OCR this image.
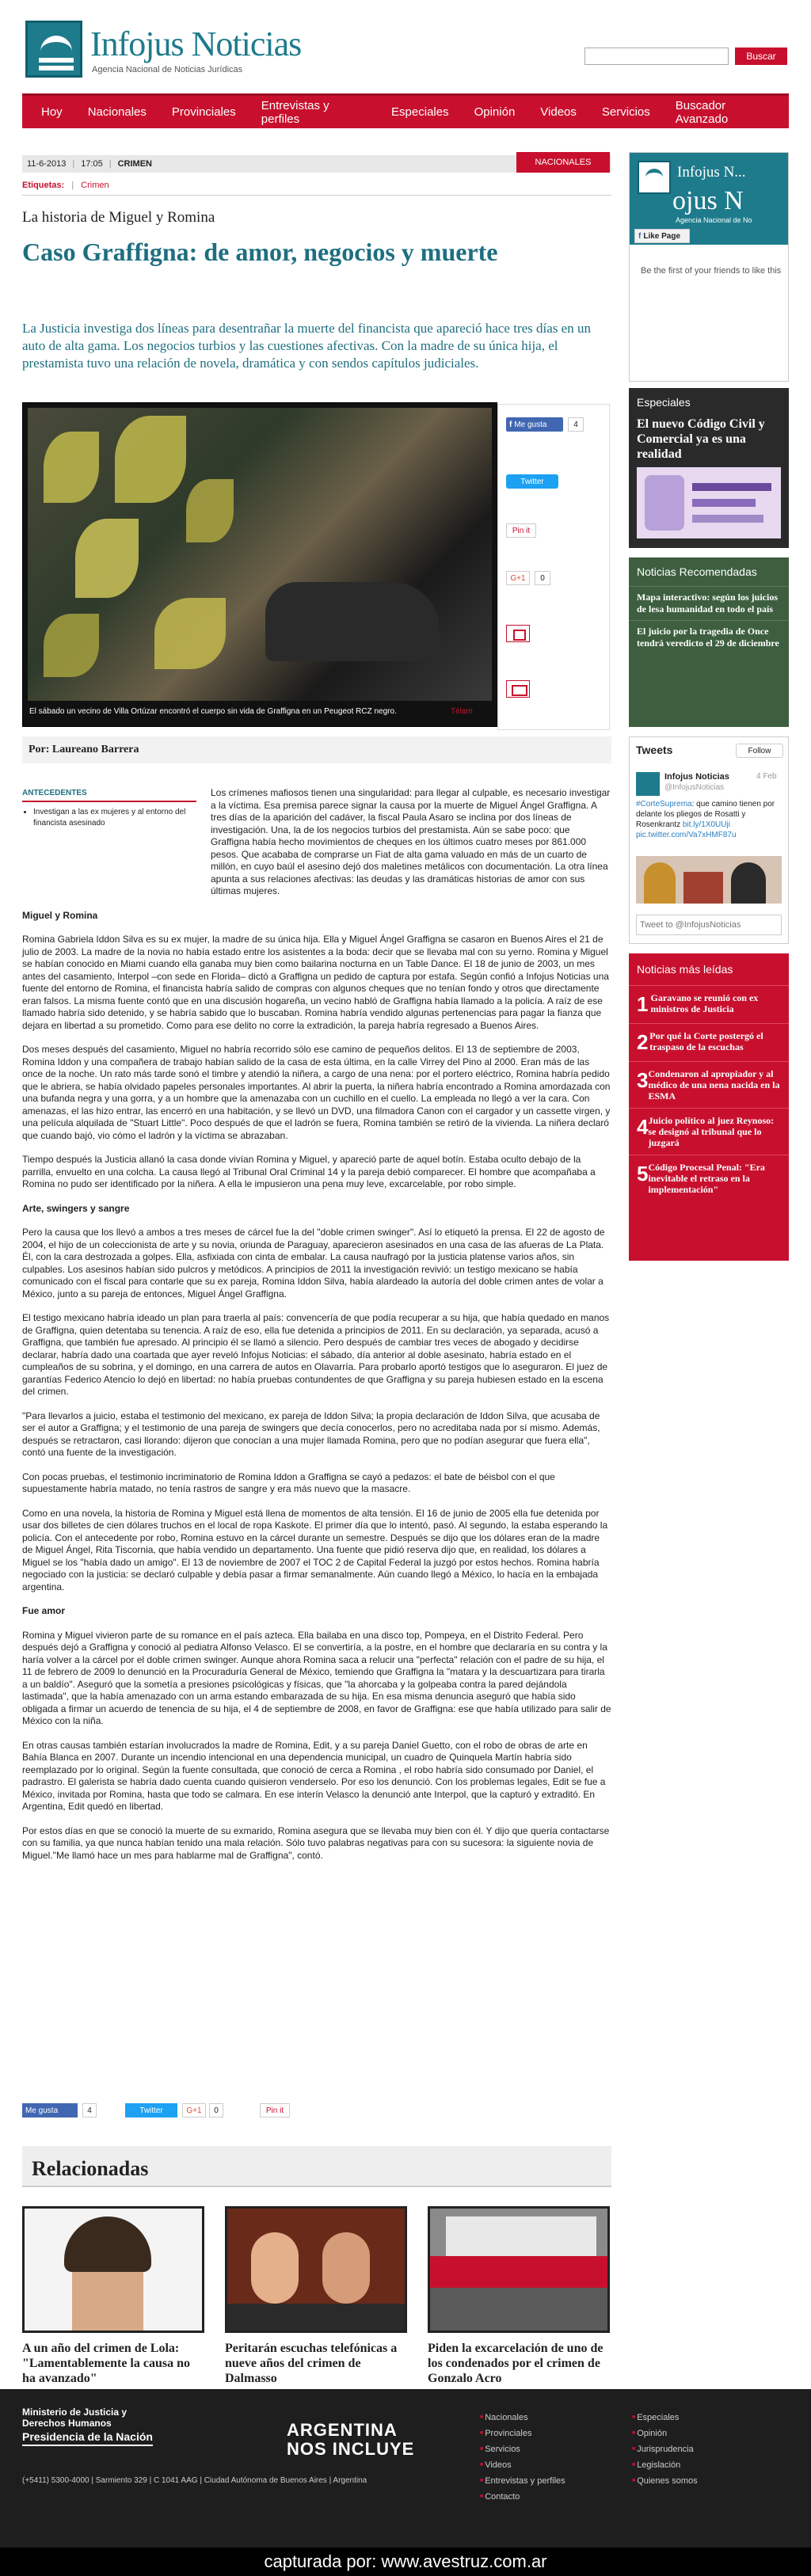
Infojus Noticias
Agencia Nacional de Noticias Jurídicas
Buscar
Hoy	Nacionales	Provinciales	Entrevistas y perfiles	Especiales	Opinión	Videos	Servicios	Buscador Avanzado
11-6-2013 | 17:05 | CRIMEN	NACIONALES
Etiquetas: | Crimen
La historia de Miguel y Romina
Caso Graffigna: de amor, negocios y muerte

La Justicia investiga dos líneas para desentrañar la muerte del financista que apareció hace tres días en un auto de alta gama. Los negocios turbios y las cuestiones afectivas. Con la madre de su única hija, el prestamista tuvo una relación de novela, dramática y con sendos capítulos judiciales.

El sábado un vecino de Villa Ortúzar encontró el cuerpo sin vida de Graffigna en un Peugeot RCZ negro.	Télam
f Me gusta	4
Twitter
Pin it
G+1	0
Por: Laureano Barrera
ANTECEDENTES
• Investigan a las ex mujeres y al entorno del financista asesinado

Los crímenes mafiosos tienen una singularidad: para llegar al culpable, es necesario investigar a la víctima. Esa premisa parece signar la causa por la muerte de Miguel Ángel Graffigna. A tres días de la aparición del cadáver, la fiscal Paula Asaro se inclina por dos líneas de investigación. Una, la de los negocios turbios del prestamista. Aún se sabe poco: que Graffigna había hecho movimientos de cheques en los últimos cuatro meses por 861.000 pesos. Que acababa de comprarse un Fiat de alta gama valuado en más de un cuarto de millón, en cuyo baúl el asesino dejó dos maletines metálicos con documentación. La otra línea apunta a sus relaciones afectivas: las deudas y las dramáticas historias de amor con sus últimas mujeres.

Miguel y Romina

Romina Gabriela Iddon Silva es su ex mujer, la madre de su única hija. Ella y Miguel Ángel Graffigna se casaron en Buenos Aires el 21 de julio de 2003. La madre de la novia no había estado entre los asistentes a la boda: decir que se llevaba mal con su yerno. Romina y Miguel se habían conocido en Miami cuando ella ganaba muy bien como bailarina nocturna en un Table Dance. El 18 de junio de 2003, un mes antes del casamiento, Interpol –con sede en Florida– dictó a Graffigna un pedido de captura por estafa. Según confió a Infojus Noticias una fuente del entorno de Romina, el financista habría salido de compras con algunos cheques que no tenían fondo y otros que directamente eran falsos. La misma fuente contó que en una discusión hogareña, un vecino habló de Graffigna había llamado a la policía. A raíz de ese llamado habría sido detenido, y se habría sabido que lo buscaban. Romina habría vendido algunas pertenencias para pagar la fianza que dejara en libertad a su prometido. Como para ese delito no corre la extradición, la pareja habría regresado a Buenos Aires.

Dos meses después del casamiento, Miguel no habría recorrido sólo ese camino de pequeños delitos. El 13 de septiembre de 2003, Romina Iddon y una compañera de trabajo habían salido de la casa de esta última, en la calle Virrey del Pino al 2000. Eran más de las once de la noche. Un rato más tarde sonó el timbre y atendió la niñera, a cargo de una nena: por el portero eléctrico, Romina habría pedido que le abriera, se había olvidado papeles personales importantes. Al abrir la puerta, la niñera habría encontrado a Romina amordazada con una bufanda negra y una gorra, y a un hombre que la amenazaba con un cuchillo en el cuello. La empleada no llegó a ver la cara. Con amenazas, el las hizo entrar, las encerró en una habitación, y se llevó un DVD, una filmadora Canon con el cargador y un cassette virgen, y una película alquilada de "Stuart Little". Poco después de que el ladrón se fuera, Romina también se retiró de la vivienda. La niñera declaró que cuando bajó, vio cómo el ladrón y la víctima se abrazaban.

Tiempo después la Justicia allanó la casa donde vivían Romina y Miguel, y apareció parte de aquel botín. Estaba oculto debajo de la parrilla, envuelto en una colcha. La causa llegó al Tribunal Oral Criminal 14 y la pareja debió comparecer. El hombre que acompañaba a Romina no pudo ser identificado por la niñera. A ella le impusieron una pena muy leve, excarcelable, por robo simple.

Arte, swingers y sangre

Pero la causa que los llevó a ambos a tres meses de cárcel fue la del "doble crimen swinger". Así lo etiquetó la prensa. El 22 de agosto de 2004, el hijo de un coleccionista de arte y su novia, oriunda de Paraguay, aparecieron asesinados en una casa de las afueras de La Plata. Él, con la cara destrozada a golpes. Ella, asfixiada con cinta de embalar. La causa naufragó por la justicia platense varios años, sin culpables. Los asesinos habían sido pulcros y metódicos. A principios de 2011 la investigación revivió: un testigo mexicano se había comunicado con el fiscal para contarle que su ex pareja, Romina Iddon Silva, había alardeado la autoría del doble crimen antes de volar a México, junto a su pareja de entonces, Miguel Ángel Graffigna.

El testigo mexicano habría ideado un plan para traerla al país: convencería de que podía recuperar a su hija, que había quedado en manos de Graffigna, quien detentaba su tenencia. A raíz de eso, ella fue detenida a principios de 2011. En su declaración, ya separada, acusó a Graffigna, que también fue apresado. Al principio él se llamó a silencio. Pero después de cambiar tres veces de abogado y decidirse declarar, habría dado una coartada que ayer reveló Infojus Noticias: el sábado, día anterior al doble asesinato, habría estado en el cumpleaños de su sobrina, y el domingo, en una carrera de autos en Olavarría. Para probarlo aportó testigos que lo aseguraron. El juez de garantías Federico Atencio lo dejó en libertad: no había pruebas contundentes de que Graffigna y su pareja hubiesen estado en la escena del crimen.

"Para llevarlos a juicio, estaba el testimonio del mexicano, ex pareja de Iddon Silva; la propia declaración de Iddon Silva, que acusaba de ser el autor a Graffigna; y el testimonio de una pareja de swingers que decía conocerlos, pero no acreditaba nada por sí mismo. Además, después se retractaron, casi llorando: dijeron que conocían a una mujer llamada Romina, pero que no podían asegurar que fuera ella", contó una fuente de la investigación.

Con pocas pruebas, el testimonio incriminatorio de Romina Iddon a Graffigna se cayó a pedazos: el bate de béisbol con el que supuestamente habría matado, no tenía rastros de sangre y era más nuevo que la masacre.

Como en una novela, la historia de Romina y Miguel está llena de momentos de alta tensión. El 16 de junio de 2005 ella fue detenida por usar dos billetes de cien dólares truchos en el local de ropa Kaskote. El primer día que lo intentó, pasó. Al segundo, la estaba esperando la policía. Con el antecedente por robo, Romina estuvo en la cárcel durante un semestre. Después se dijo que los dólares eran de la madre de Miguel Ángel, Rita Tiscornia, que había vendido un departamento. Una fuente que pidió reserva dijo que, en realidad, los dólares a Miguel se los "había dado un amigo". El 13 de noviembre de 2007 el TOC 2 de Capital Federal la juzgó por estos hechos. Romina habría negociado con la justicia: se declaró culpable y debía pasar a firmar semanalmente. Aún cuando llegó a México, lo hacía en la embajada argentina.

Fue amor

Romina y Miguel vivieron parte de su romance en el país azteca. Ella bailaba en una disco top, Pompeya, en el Distrito Federal. Pero después dejó a Graffigna y conoció al pediatra Alfonso Velasco. El se convertiría, a la postre, en el hombre que declararía en su contra y la haría volver a la cárcel por el doble crimen swinger. Aunque ahora Romina saca a relucir una "perfecta" relación con el padre de su hija, el 11 de febrero de 2009 lo denunció en la Procuraduría General de México, temiendo que Graffigna la "matara y la descuartizara para tirarla a un baldío". Aseguró que la sometía a presiones psicológicas y físicas, que "la ahorcaba y la golpeaba contra la pared dejándola lastimada", que la había amenazado con un arma estando embarazada de su hija. En esa misma denuncia aseguró que había sido obligada a firmar un acuerdo de tenencia de su hija, el 4 de septiembre de 2008, en favor de Graffigna: ese que había utilizado para salir de México con la niña.

En otras causas también estarían involucrados la madre de Romina, Edit, y a su pareja Daniel Guetto, con el robo de obras de arte en Bahía Blanca en 2007. Durante un incendio intencional en una dependencia municipal, un cuadro de Quinquela Martín habría sido reemplazado por lo original. Según la fuente consultada, que conoció de cerca a Romina , el robo habría sido consumado por Daniel, el padrastro. El galerista se habría dado cuenta cuando quisieron venderselo. Por eso los denunció. Con los problemas legales, Edit se fue a México, invitada por Romina, hasta que todo se calmara. En ese interín Velasco la denunció ante Interpol, que la capturó y extraditó. En Argentina, Edit quedó en libertad.

Por estos días en que se conoció la muerte de su exmarido, Romina asegura que se llevaba muy bien con él. Y dijo que quería contactarse con su familia, ya que nunca habían tenido una mala relación. Sólo tuvo palabras negativas para con su sucesora: la siguiente novia de Miguel."Me llamó hace un mes para hablarme mal de Graffigna", contó.

Me gusta	4	Twitter	G+1	0	Pin it
Relacionadas
A un año del crimen de Lola: "Lamentablemente la causa no ha avanzado"
Peritarán escuchas telefónicas a nueve años del crimen de Dalmasso
Piden la excarcelación de uno de los condenados por el crimen de Gonzalo Acro
Infojus N...
ojus N
Agencia Nacional de No
f Like Page
Be the first of your friends to like this
Especiales
El nuevo Código Civil y Comercial ya es una realidad
Noticias Recomendadas
Mapa interactivo: según los juicios de lesa humanidad en todo el país
El juicio por la tragedia de Once tendrá veredicto el 29 de diciembre
Tweets	Follow
Infojus Noticias	4 Feb
@InfojusNoticias
#CorteSuprema: que camino tienen por delante los pliegos de Rosatti y Rosenkrantz bit.ly/1X0UUji pic.twitter.com/Va7xHMF87u
Tweet to @InfojusNoticias
Noticias más leídas
1 Garavano se reunió con ex ministros de Justicia
2 Por qué la Corte postergó el traspaso de la escuchas
3 Condenaron al apropiador y al médico de una nena nacida en la ESMA
4 Juicio político al juez Reynoso: se designó al tribunal que lo juzgará
5 Código Procesal Penal: "Era inevitable el retraso en la implementación"
Ministerio de Justicia y Derechos Humanos
Presidencia de la Nación
(+5411) 5300-4000 | Sarmiento 329 | C 1041 AAG | Ciudad Autónoma de Buenos Aires | Argentina
ARGENTINA
NOS INCLUYE
■ Nacionales
■ Provinciales
■ Servicios
■ Videos
■ Entrevistas y perfiles
■ Contacto
■ Especiales
■ Opinión
■ Jurisprudencia
■ Legislación
■ Quienes somos
capturada por: www.avestruz.com.ar
